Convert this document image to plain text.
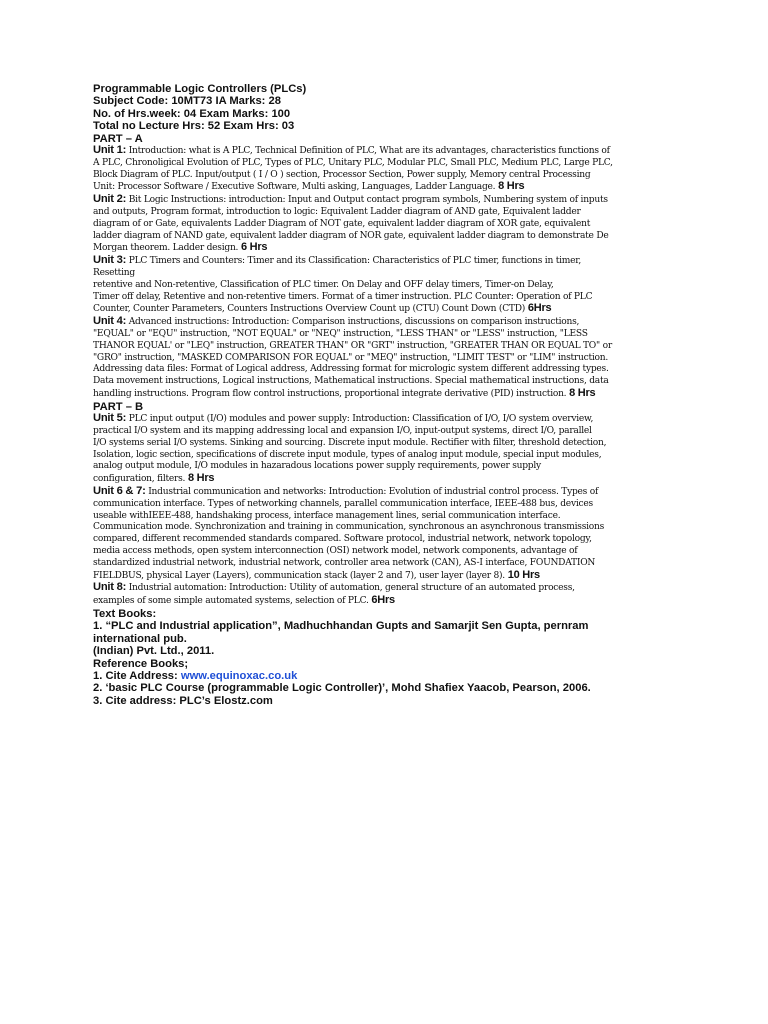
Programmable Logic Controllers (PLCs)
Subject Code: 10MT73 IA Marks: 28
No. of Hrs.week: 04 Exam Marks: 100
Total no Lecture Hrs: 52 Exam Hrs: 03
PART – A
Unit 1: Introduction: what is A PLC, Technical Definition of PLC, What are its advantages, characteristics functions of
A PLC, Chronoligical Evolution of PLC, Types of PLC, Unitary PLC, Modular PLC, Small PLC, Medium PLC, Large PLC,
Block Diagram of PLC. Input/output ( I / O ) section, Processor Section, Power supply, Memory central Processing
Unit: Processor Software / Executive Software, Multi asking, Languages, Ladder Language. 8 Hrs
Unit 2: Bit Logic Instructions: introduction: Input and Output contact program symbols, Numbering system of inputs
and outputs, Program format, introduction to logic: Equivalent Ladder diagram of AND gate, Equivalent ladder
diagram of or Gate, equivalents Ladder Diagram of NOT gate, equivalent ladder diagram of XOR gate, equivalent
ladder diagram of NAND gate, equivalent ladder diagram of NOR gate, equivalent ladder diagram to demonstrate De
Morgan theorem. Ladder design. 6 Hrs
Unit 3: PLC Timers and Counters: Timer and its Classification: Characteristics of PLC timer, functions in timer,
Resetting
retentive and Non-retentive, Classification of PLC timer. On Delay and OFF delay timers, Timer-on Delay,
Timer off delay, Retentive and non-retentive timers. Format of a timer instruction. PLC Counter: Operation of PLC
Counter, Counter Parameters, Counters Instructions Overview Count up (CTU) Count Down (CTD) 6Hrs
Unit 4: Advanced instructions: Introduction: Comparison instructions, discussions on comparison instructions,
"EQUAL" or "EQU" instruction, "NOT EQUAL" or "NEQ" instruction, "LESS THAN" or "LESS" instruction, "LESS
THANOR EQUAL' or "LEQ" instruction, GREATER THAN" OR "GRT" instruction, "GREATER THAN OR EQUAL TO" or
"GRO" instruction, "MASKED COMPARISON FOR EQUAL" or "MEQ" instruction, "LIMIT TEST" or "LIM" instruction.
Addressing data files: Format of Logical address, Addressing format for micrologic system different addressing types.
Data movement instructions, Logical instructions, Mathematical instructions. Special mathematical instructions, data
handling instructions. Program flow control instructions, proportional integrate derivative (PID) instruction. 8 Hrs
PART – B
Unit 5: PLC input output (I/O) modules and power supply: Introduction: Classification of I/O, I/O system overview,
practical I/O system and its mapping addressing local and expansion I/O, input-output systems, direct I/O, parallel
I/O systems serial I/O systems. Sinking and sourcing. Discrete input module. Rectifier with filter, threshold detection,
Isolation, logic section, specifications of discrete input module, types of analog input module, special input modules,
analog output module, I/O modules in hazaradous locations power supply requirements, power supply
configuration, filters. 8 Hrs
Unit 6 & 7: Industrial communication and networks: Introduction: Evolution of industrial control process. Types of
communication interface. Types of networking channels, parallel communication interface, IEEE-488 bus, devices
useable withIEEE-488, handshaking process, interface management lines, serial communication interface.
Communication mode. Synchronization and training in communication, synchronous an asynchronous transmissions
compared, different recommended standards compared. Software protocol, industrial network, network topology,
media access methods, open system interconnection (OSI) network model, network components, advantage of
standardized industrial network, industrial network, controller area network (CAN), AS-I interface, FOUNDATION
FIELDBUS, physical Layer (Layers), communication stack (layer 2 and 7), user layer (layer 8). 10 Hrs
Unit 8: Industrial automation: Introduction: Utility of automation, general structure of an automated process,
examples of some simple automated systems, selection of PLC. 6Hrs
Text Books:
1. “PLC and Industrial application”, Madhuchhandan Gupts and Samarjit Sen Gupta, pernram
international pub.
(Indian) Pvt. Ltd., 2011.
Reference Books;
1. Cite Address: www.equinoxac.co.uk
2. ‘basic PLC Course (programmable Logic Controller)’, Mohd Shafiex Yaacob, Pearson, 2006.
3. Cite address: PLC’s Elostz.com
